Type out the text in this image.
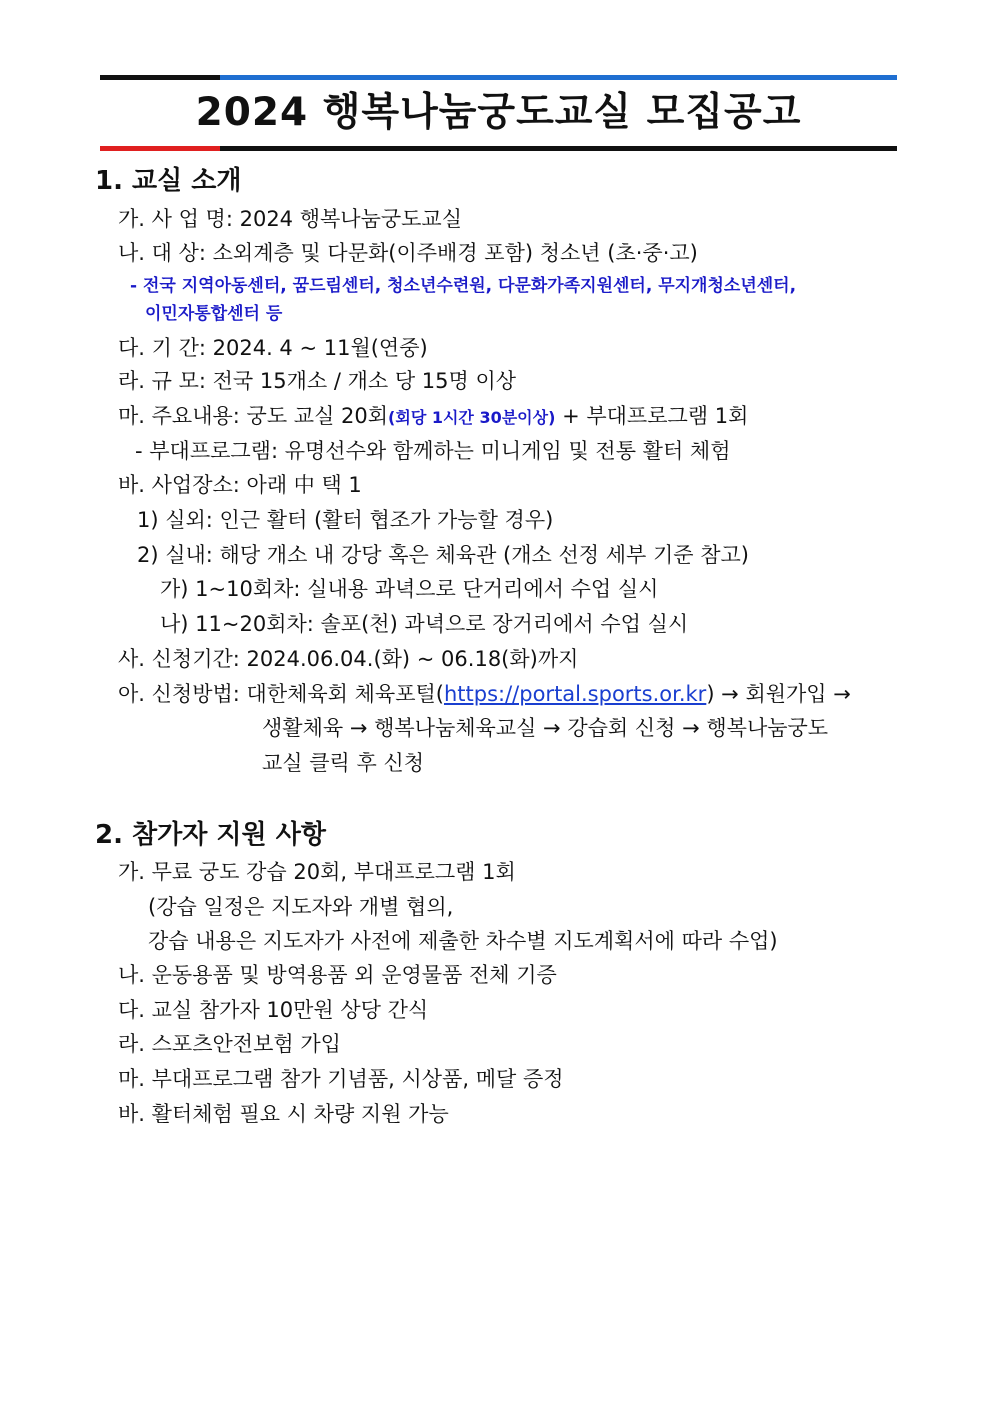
2024 행복나눔궁도교실 모집공고
1. 교실 소개
가. 사 업 명: 2024 행복나눔궁도교실
나. 대 상: 소외계층 및 다문화(이주배경 포함) 청소년 (초·중·고)
- 전국 지역아동센터, 꿈드림센터, 청소년수련원, 다문화가족지원센터, 무지개청소년센터,
이민자통합센터 등
다. 기 간: 2024. 4 ~ 11월(연중)
라. 규 모: 전국 15개소 / 개소 당 15명 이상
마. 주요내용: 궁도 교실 20회(회당 1시간 30분이상) + 부대프로그램 1회
- 부대프로그램: 유명선수와 함께하는 미니게임 및 전통 활터 체험
바. 사업장소: 아래 中 택 1
1) 실외: 인근 활터 (활터 협조가 가능할 경우)
2) 실내: 해당 개소 내 강당 혹은 체육관 (개소 선정 세부 기준 참고)
가) 1~10회차: 실내용 과녁으로 단거리에서 수업 실시
나) 11~20회차: 솔포(천) 과녁으로 장거리에서 수업 실시
사. 신청기간: 2024.06.04.(화) ~ 06.18(화)까지
아. 신청방법: 대한체육회 체육포털(https://portal.sports.or.kr) → 회원가입 →
생활체육 → 행복나눔체육교실 → 강습회 신청 → 행복나눔궁도
교실 클릭 후 신청
2. 참가자 지원 사항
가. 무료 궁도 강습 20회, 부대프로그램 1회
(강습 일정은 지도자와 개별 협의,
강습 내용은 지도자가 사전에 제출한 차수별 지도계획서에 따라 수업)
나. 운동용품 및 방역용품 외 운영물품 전체 기증
다. 교실 참가자 10만원 상당 간식
라. 스포츠안전보험 가입
마. 부대프로그램 참가 기념품, 시상품, 메달 증정
바. 활터체험 필요 시 차량 지원 가능
